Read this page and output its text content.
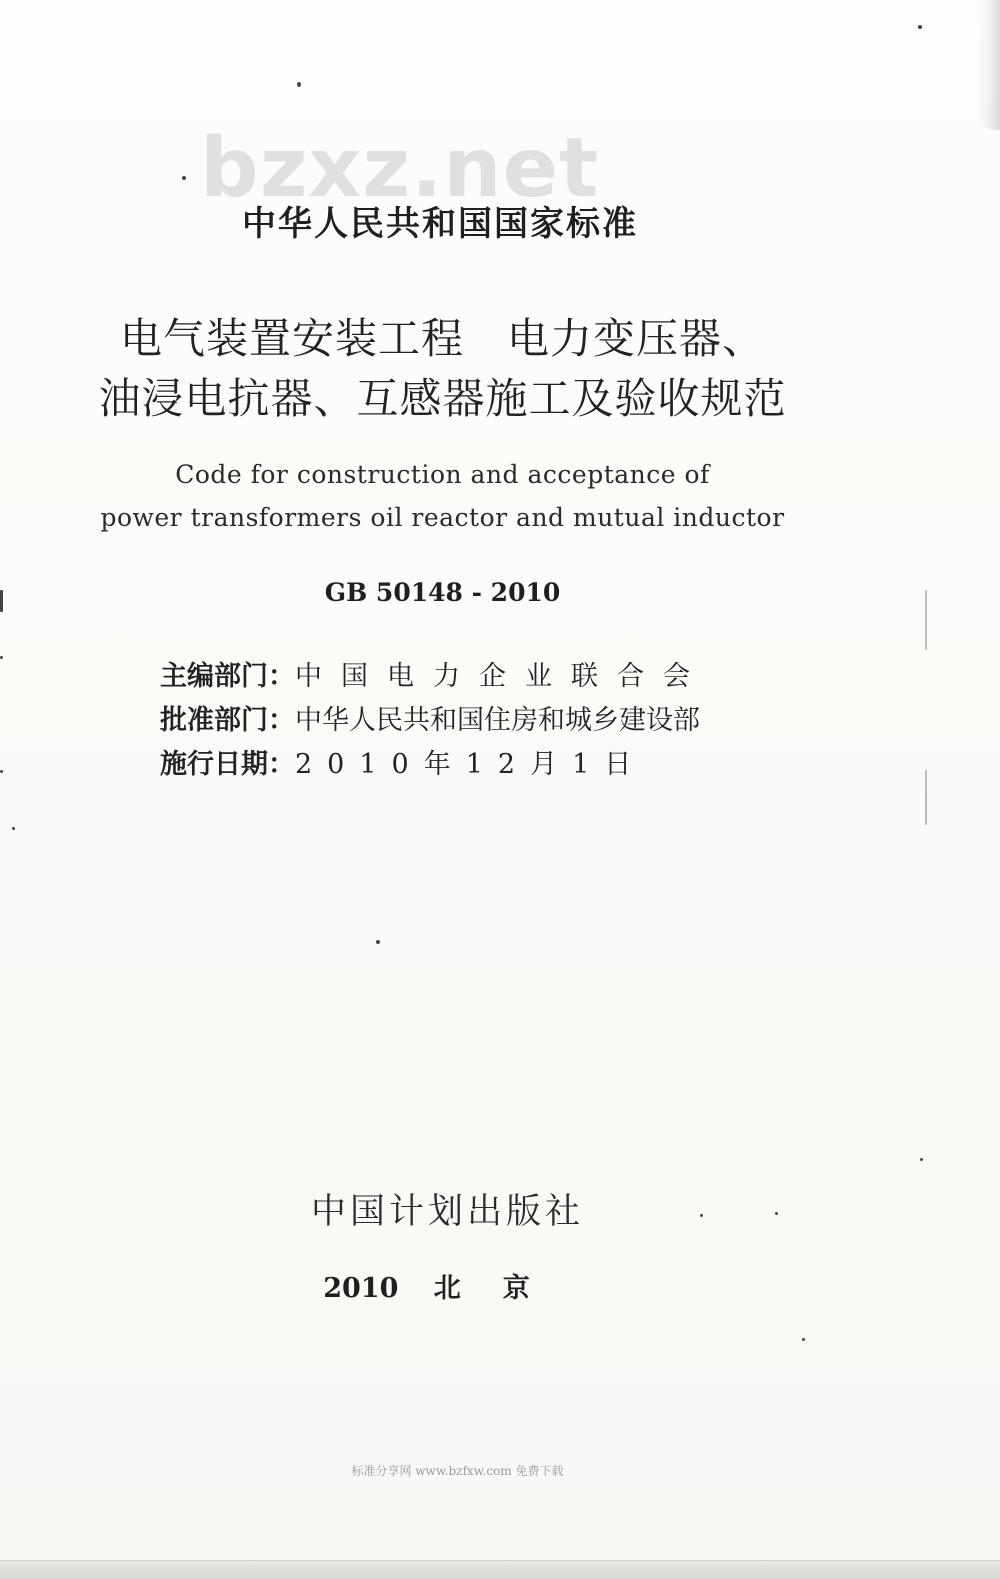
bzxz.net
中华人民共和国国家标准
电气装置安装工程　电力变压器、
油浸电抗器、互感器施工及验收规范
Code for construction and acceptance of
power transformers oil reactor and mutual inductor
GB 50148 - 2010
主编部门：中国电力企业联合会
批准部门：中华人民共和国住房和城乡建设部
施行日期：2010年12月1日
中国计划出版社
2010 北京
标准分享网 www.bzfxw.com 免费下载
